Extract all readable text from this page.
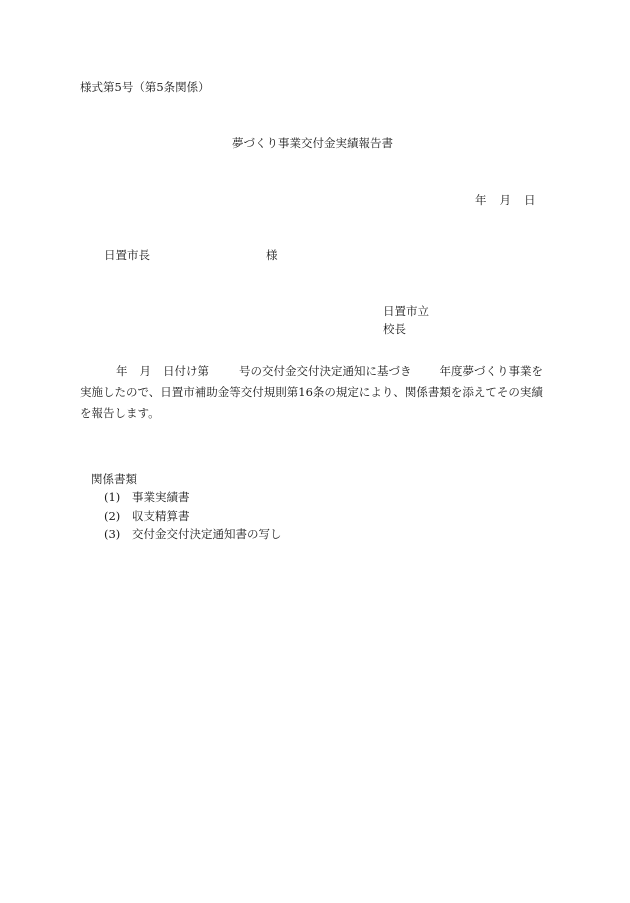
様式第5号（第5条関係）
夢づくり事業交付金実績報告書
年 月 日
日置市長	様
日置市立
校長
年 月 日付け第	号の交付金交付決定通知に基づき 年度夢づくり事業を
実施したので、日置市補助金等交付規則第16条の規定により、関係書類を添えてその実績
を報告します。
関係書類
(1) 事業実績書
(2) 収支精算書
(3) 交付金交付決定通知書の写し
